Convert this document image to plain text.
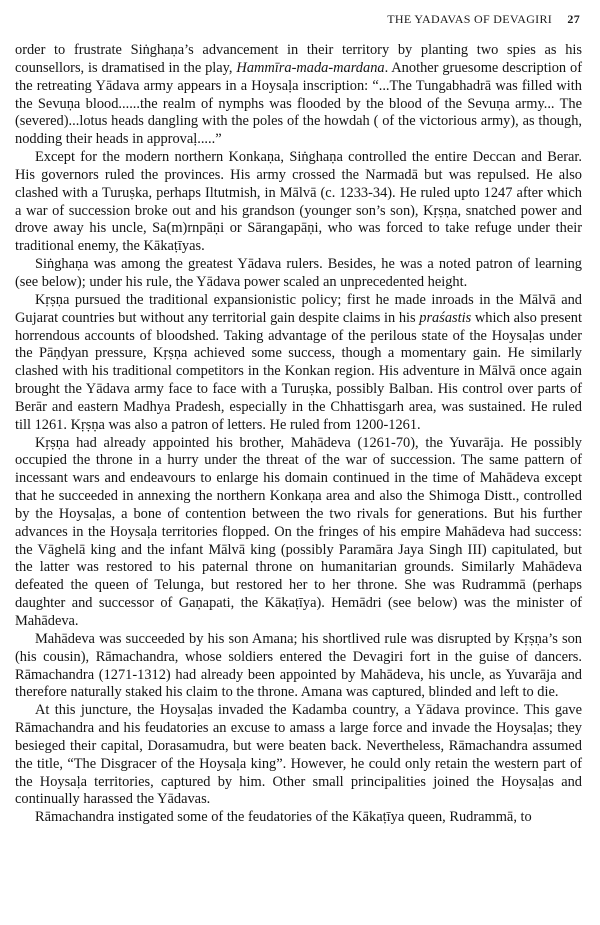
THE YADAVAS OF DEVAGIRI 27

order to frustrate Siṅghaṇa’s advancement in their territory by planting two spies as his counsellors, is dramatised in the play, Hammīra-mada-mardana. Another gruesome description of the retreating Yādava army appears in a Hoysaḷa inscription: “...The Tungabhadrā was filled with the Sevuṇa blood......the realm of nymphs was flooded by the blood of the Sevuṇa army... The (severed)...lotus heads dangling with the poles of the howdah ( of the victorious army), as though, nodding their heads in approvaḷ.....”

Except for the modern northern Konkaṇa, Siṅghaṇa controlled the entire Deccan and Berar. His governors ruled the provinces. His army crossed the Narmadā but was repulsed. He also clashed with a Turuṣka, perhaps Iltutmish, in Mālvā (c. 1233-34). He ruled upto 1247 after which a war of succession broke out and his grandson (younger son’s son), Kṛṣṇa, snatched power and drove away his uncle, Sa(m)rnpāṇi or Sārangapāṇi, who was forced to take refuge under their traditional enemy, the Kākaṭīyas.

Siṅghaṇa was among the greatest Yādava rulers. Besides, he was a noted patron of learning (see below); under his rule, the Yādava power scaled an unprecedented height.

Kṛṣṇa pursued the traditional expansionistic policy; first he made inroads in the Mālvā and Gujarat countries but without any territorial gain despite claims in his praśastis which also present horrendous accounts of bloodshed. Taking advantage of the perilous state of the Hoysaḷas under the Pāṇḍyan pressure, Kṛṣṇa achieved some success, though a momentary gain. He similarly clashed with his traditional competitors in the Konkan region. His adventure in Mālvā once again brought the Yādava army face to face with a Turuṣka, possibly Balban. His control over parts of Berār and eastern Madhya Pradesh, especially in the Chhattisgarh area, was sustained. He ruled till 1261. Kṛṣṇa was also a patron of letters. He ruled from 1200-1261.

Kṛṣṇa had already appointed his brother, Mahādeva (1261-70), the Yuvarāja. He possibly occupied the throne in a hurry under the threat of the war of succession. The same pattern of incessant wars and endeavours to enlarge his domain continued in the time of Mahādeva except that he succeeded in annexing the northern Konkaṇa area and also the Shimoga Distt., controlled by the Hoysaḷas, a bone of contention between the two rivals for generations. But his further advances in the Hoysaḷa territories flopped. On the fringes of his empire Mahādeva had success: the Vāghelā king and the infant Mālvā king (possibly Paramāra Jaya Singh III) capitulated, but the latter was restored to his paternal throne on humanitarian grounds. Similarly Mahādeva defeated the queen of Telunga, but restored her to her throne. She was Rudrammā (perhaps daughter and successor of Gaṇapati, the Kākaṭīya). Hemādri (see below) was the minister of Mahādeva.

Mahādeva was succeeded by his son Amana; his shortlived rule was disrupted by Kṛṣṇa’s son (his cousin), Rāmachandra, whose soldiers entered the Devagiri fort in the guise of dancers. Rāmachandra (1271-1312) had already been appointed by Mahādeva, his uncle, as Yuvarāja and therefore naturally staked his claim to the throne. Amana was captured, blinded and left to die.

At this juncture, the Hoysaḷas invaded the Kadamba country, a Yādava province. This gave Rāmachandra and his feudatories an excuse to amass a large force and invade the Hoysaḷas; they besieged their capital, Dorasamudra, but were beaten back. Nevertheless, Rāmachandra assumed the title, “The Disgracer of the Hoysaḷa king”. However, he could only retain the western part of the Hoysaḷa territories, captured by him. Other small principalities joined the Hoysaḷas and continually harassed the Yādavas.

Rāmachandra instigated some of the feudatories of the Kākaṭīya queen, Rudrammā, to
